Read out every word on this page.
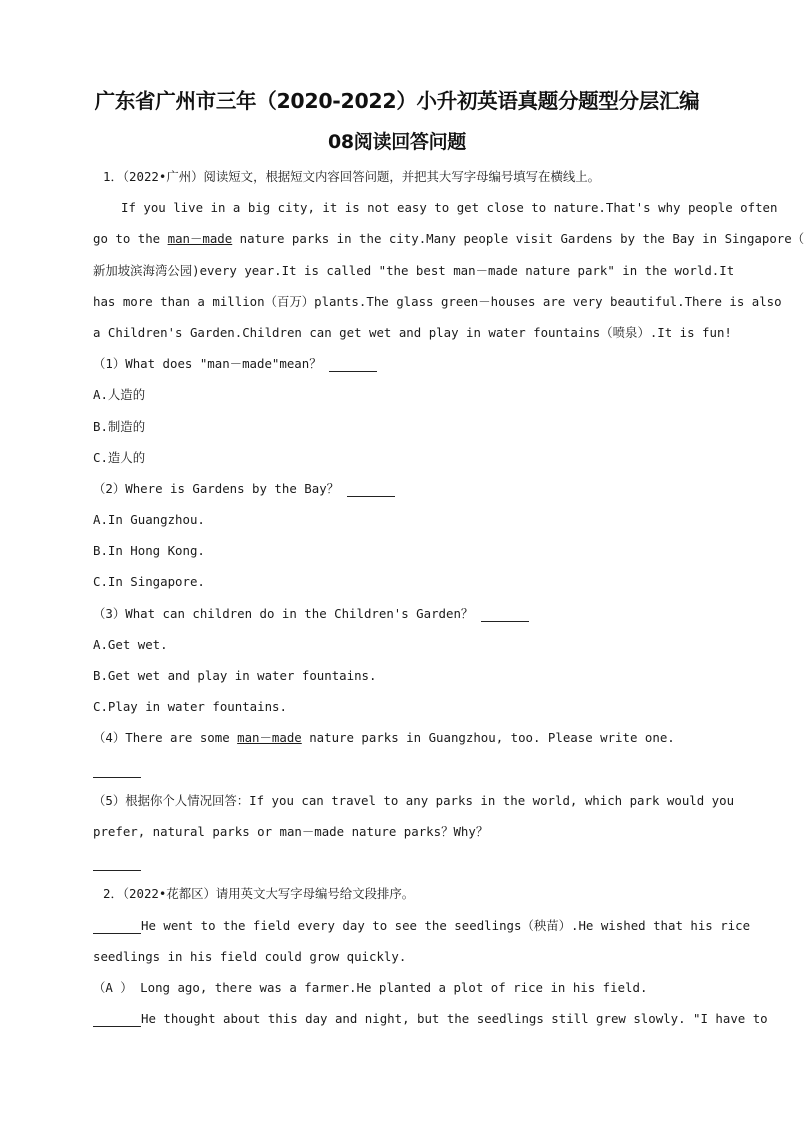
广东省广州市三年（2020-2022）小升初英语真题分题型分层汇编
08阅读回答问题
1．（2022•广州）阅读短文，根据短文内容回答问题，并把其大写字母编号填写在横线上。
If you live in a big city, it is not easy to get close to nature.That's why people often
go to the man－made nature parks in the city.Many people visit Gardens by the Bay in Singapore（
新加坡滨海湾公园)every year.It is called "the best man－made nature park" in the world.It
has more than a million（百万）plants.The glass green－houses are very beautiful.There is also
a Children's Garden.Children can get wet and play in water fountains（喷泉）.It is fun!
（1）What does "man－made"mean？
A.人造的
B.制造的
C.造人的
（2）Where is Gardens by the Bay？
A.In Guangzhou.
B.In Hong Kong.
C.In Singapore.
（3）What can children do in the Children's Garden？
A.Get wet.
B.Get wet and play in water fountains.
C.Play in water fountains.
（4）There are some man－made nature parks in Guangzhou, too. Please write one.
（5）根据你个人情况回答：If you can travel to any parks in the world, which park would you
prefer, natural parks or man－made nature parks？Why？
2．（2022•花都区）请用英文大写字母编号给文段排序。
He went to the field every day to see the seedlings（秧苗）.He wished that his rice
seedlings in his field could grow quickly.
（A ） Long ago, there was a farmer.He planted a plot of rice in his field.
He thought about this day and night, but the seedlings still grew slowly. "I have to
